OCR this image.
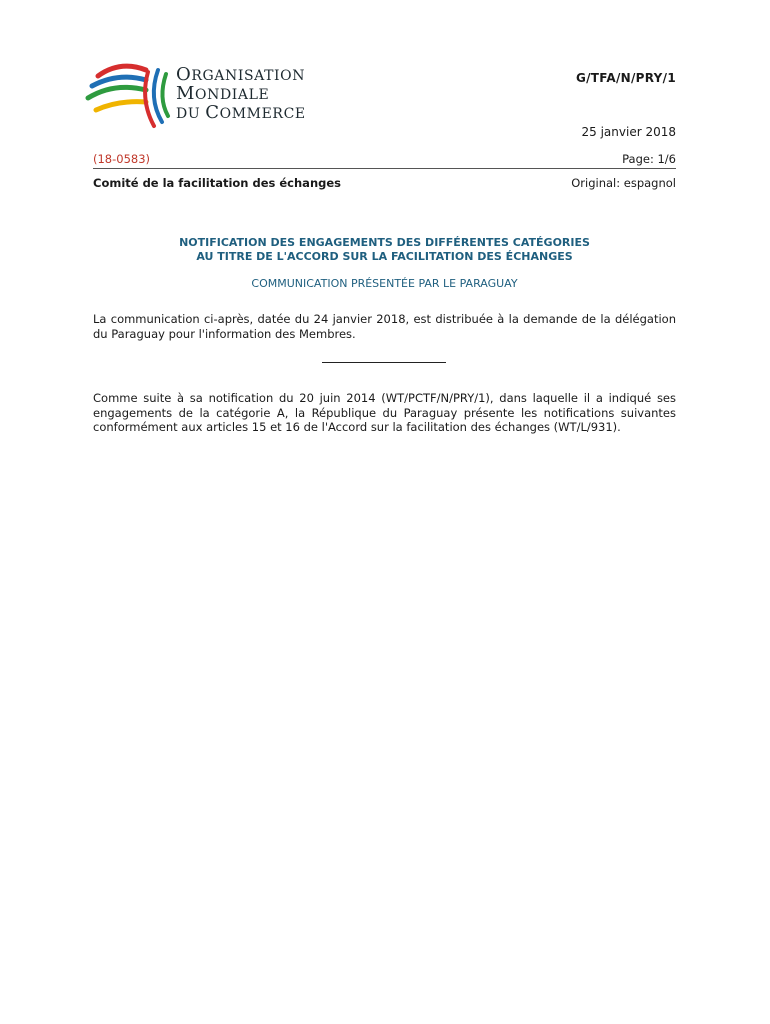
ORGANISATION
MONDIALE
DU COMMERCE
G/TFA/N/PRY/1
25 janvier 2018
(18-0583)	Page: 1/6
Comité de la facilitation des échanges	Original: espagnol
NOTIFICATION DES ENGAGEMENTS DES DIFFÉRENTES CATÉGORIES
AU TITRE DE L'ACCORD SUR LA FACILITATION DES ÉCHANGES
COMMUNICATION PRÉSENTÉE PAR LE PARAGUAY
La communication ci-après, datée du 24 janvier 2018, est distribuée à la demande de la délégation du Paraguay pour l'information des Membres.
Comme suite à sa notification du 20 juin 2014 (WT/PCTF/N/PRY/1), dans laquelle il a indiqué ses engagements de la catégorie A, la République du Paraguay présente les notifications suivantes conformément aux articles 15 et 16 de l'Accord sur la facilitation des échanges (WT/L/931).
